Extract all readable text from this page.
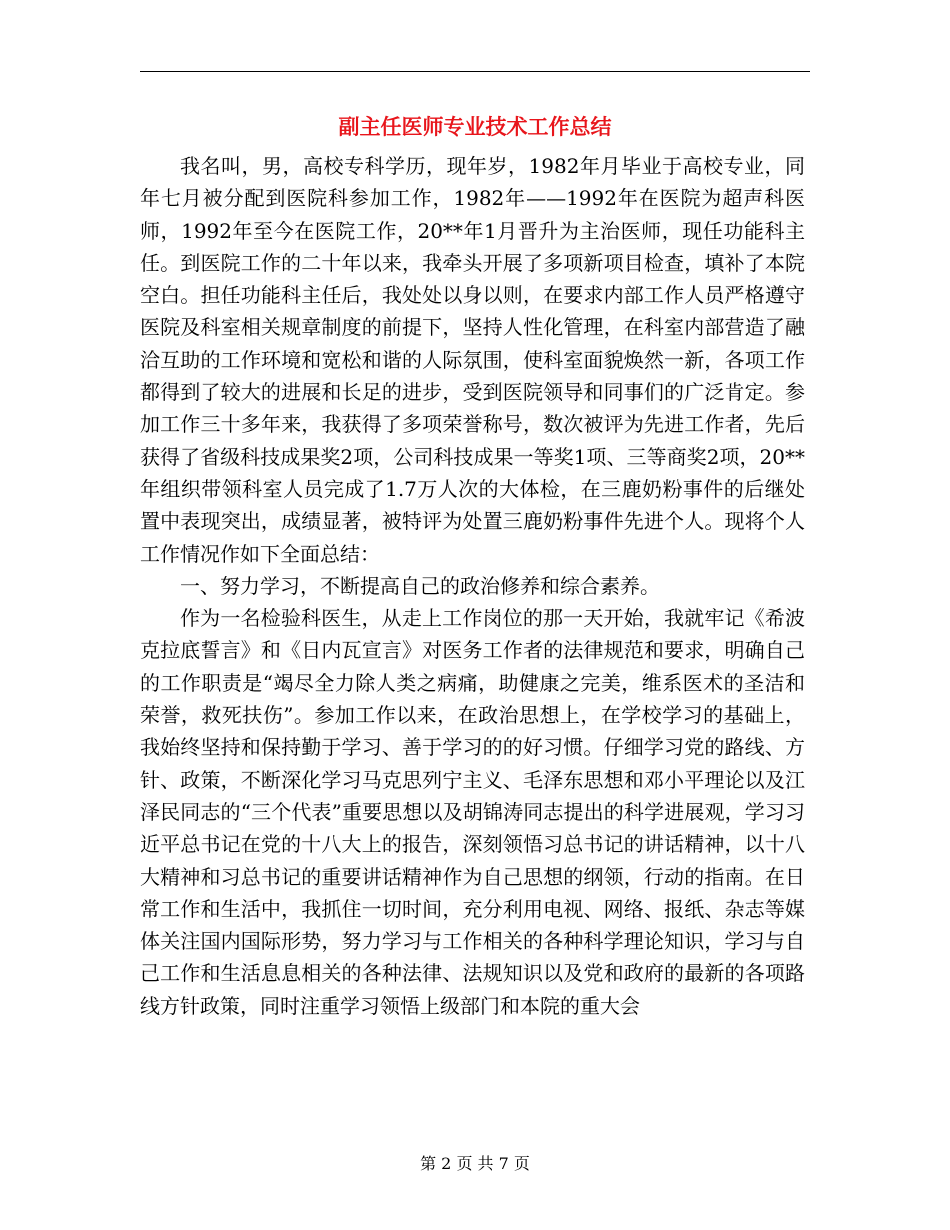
副主任医师专业技术工作总结

我名叫，男，高校专科学历，现年岁，1982年月毕业于高校专业，同年七月被分配到医院科参加工作，1982年——1992年在医院为超声科医师，1992年至今在医院工作，20**年1月晋升为主治医师，现任功能科主任。到医院工作的二十年以来，我牵头开展了多项新项目检查，填补了本院空白。担任功能科主任后，我处处以身以则，在要求内部工作人员严格遵守医院及科室相关规章制度的前提下，坚持人性化管理，在科室内部营造了融洽互助的工作环境和宽松和谐的人际氛围，使科室面貌焕然一新，各项工作都得到了较大的进展和长足的进步，受到医院领导和同事们的广泛肯定。参加工作三十多年来，我获得了多项荣誉称号，数次被评为先进工作者，先后获得了省级科技成果奖2项，公司科技成果一等奖1项、三等商奖2项，20**年组织带领科室人员完成了1.7万人次的大体检，在三鹿奶粉事件的后继处置中表现突出，成绩显著，被特评为处置三鹿奶粉事件先进个人。现将个人工作情况作如下全面总结：

一、努力学习，不断提高自己的政治修养和综合素养。

作为一名检验科医生，从走上工作岗位的那一天开始，我就牢记《希波克拉底誓言》和《日内瓦宣言》对医务工作者的法律规范和要求，明确自己的工作职责是“竭尽全力除人类之病痛，助健康之完美，维系医术的圣洁和荣誉，救死扶伤”。参加工作以来，在政治思想上，在学校学习的基础上，我始终坚持和保持勤于学习、善于学习的的好习惯。仔细学习党的路线、方针、政策，不断深化学习马克思列宁主义、毛泽东思想和邓小平理论以及江泽民同志的“三个代表”重要思想以及胡锦涛同志提出的科学进展观，学习习近平总书记在党的十八大上的报告，深刻领悟习总书记的讲话精神，以十八大精神和习总书记的重要讲话精神作为自己思想的纲领，行动的指南。在日常工作和生活中，我抓住一切时间，充分利用电视、网络、报纸、杂志等媒体关注国内国际形势，努力学习与工作相关的各种科学理论知识，学习与自己工作和生活息息相关的各种法律、法规知识以及党和政府的最新的各项路线方针政策，同时注重学习领悟上级部门和本院的重大会

第 2 页 共 7 页
